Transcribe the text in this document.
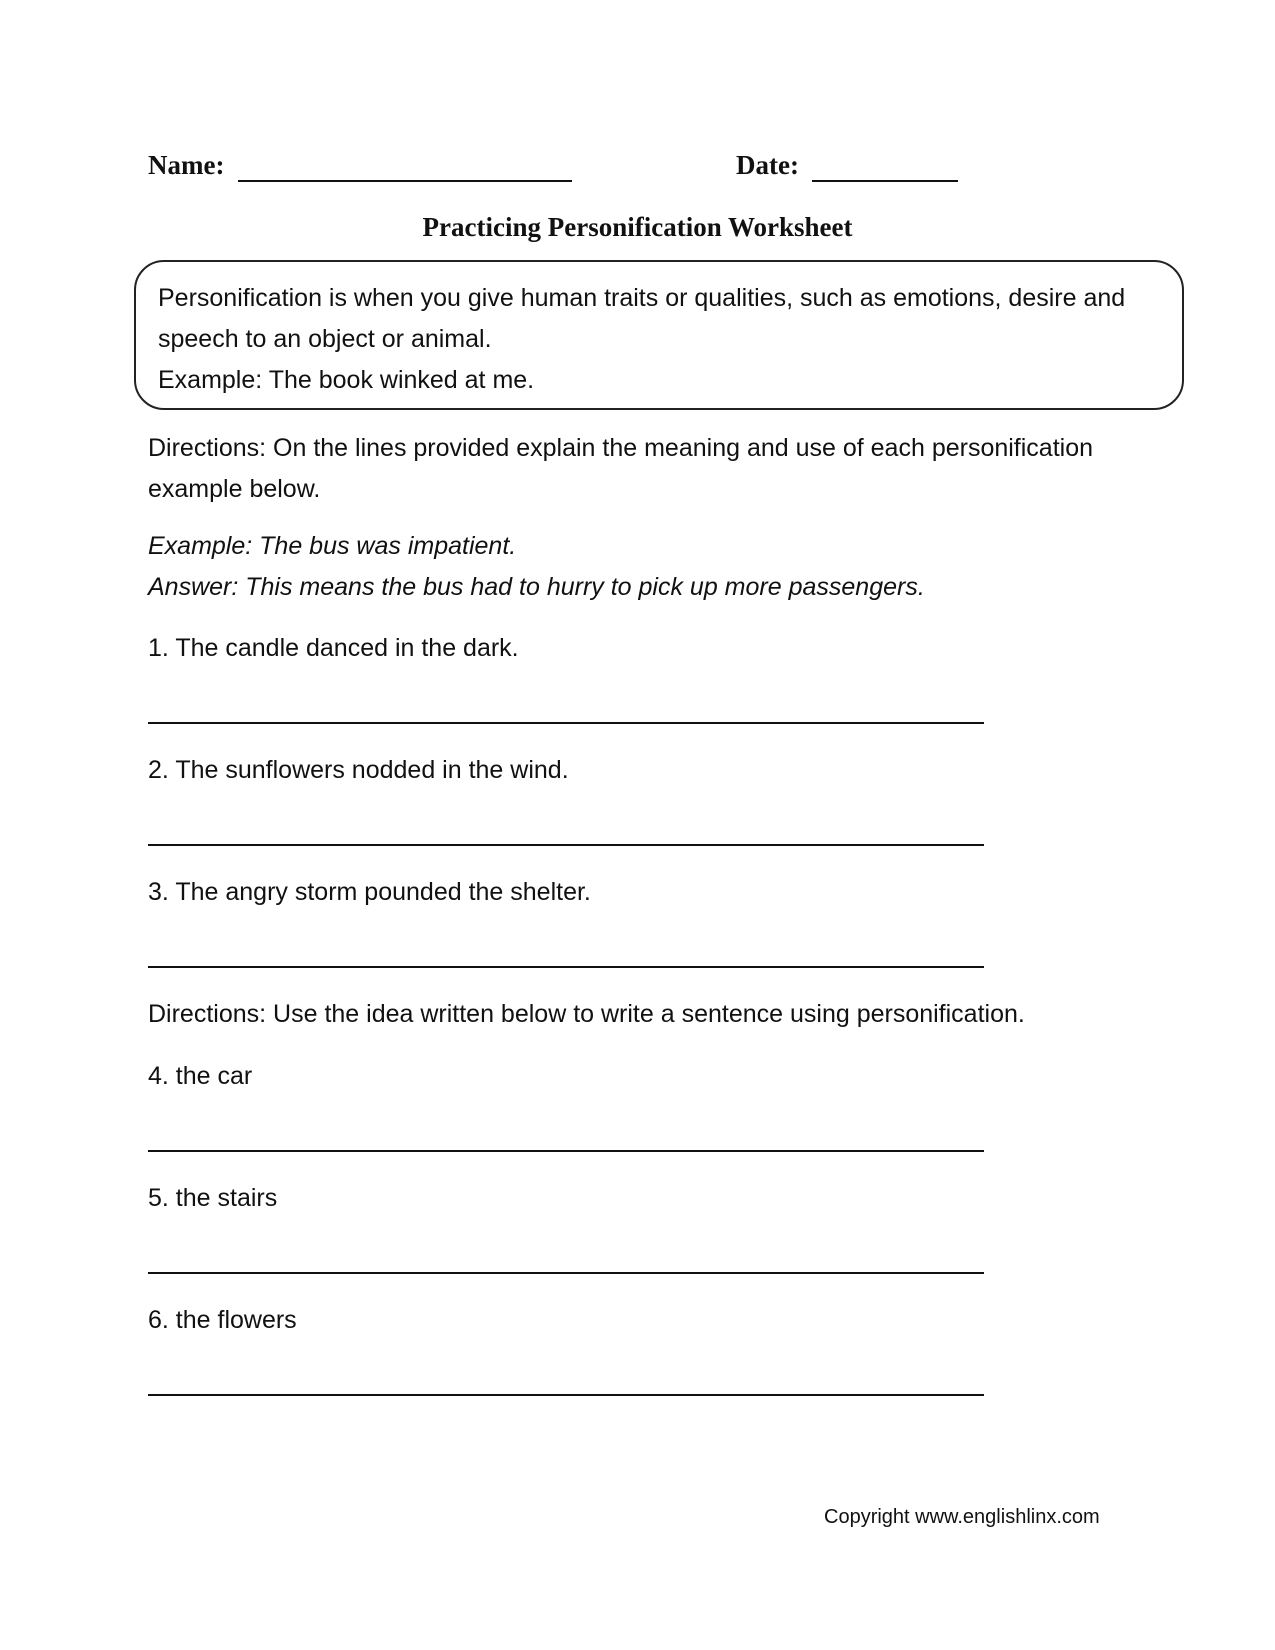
Name:	Date:
Practicing Personification Worksheet

Personification is when you give human traits or qualities, such as emotions, desire and speech to an object or animal.

Example: The book winked at me.

Directions: On the lines provided explain the meaning and use of each personification example below.

Example: The bus was impatient.

Answer: This means the bus had to hurry to pick up more passengers.

1. The candle danced in the dark.

2. The sunflowers nodded in the wind.

3. The angry storm pounded the shelter.

Directions: Use the idea written below to write a sentence using personification.

4. the car

5. the stairs

6. the flowers

Copyright www.englishlinx.com
